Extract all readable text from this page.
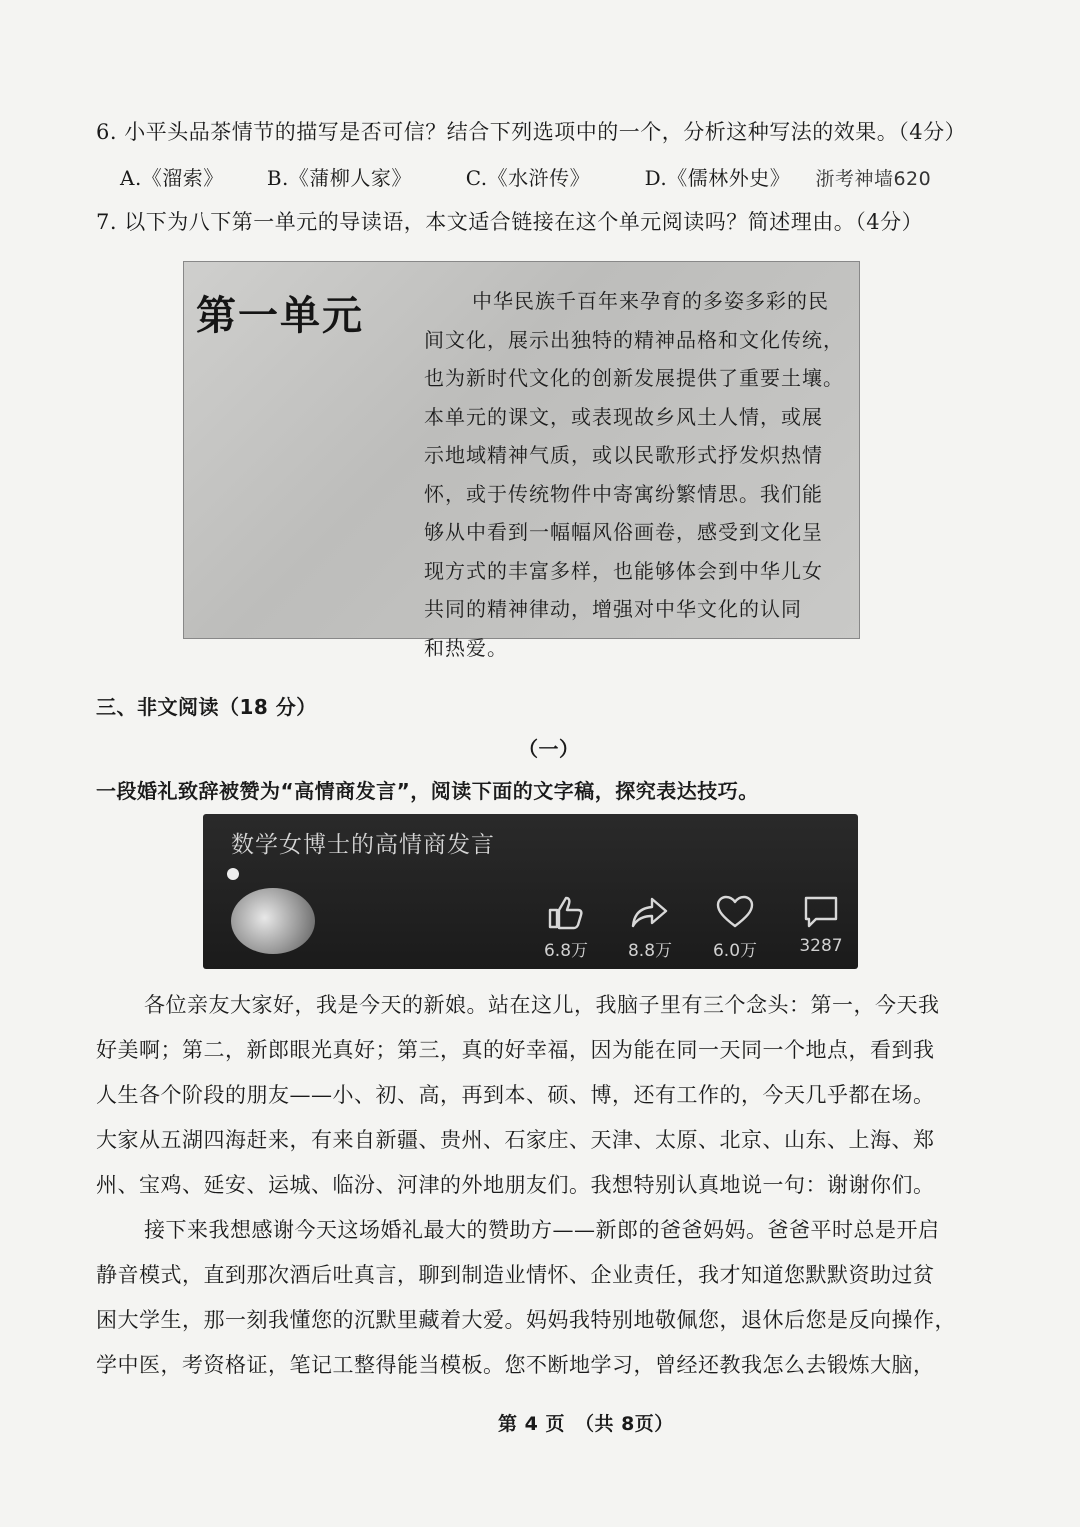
6. 小平头品茶情节的描写是否可信？结合下列选项中的一个，分析这种写法的效果。（4分）
A.《溜索》 B.《蒲柳人家》	C.《水浒传》	D.《儒林外史》 浙考神墙620
7. 以下为八下第一单元的导读语，本文适合链接在这个单元阅读吗？简述理由。（4分）
第一单元	中华民族千百年来孕育的多姿多彩的民
间文化，展示出独特的精神品格和文化传统，
也为新时代文化的创新发展提供了重要土壤。
本单元的课文，或表现故乡风土人情，或展
示地域精神气质，或以民歌形式抒发炽热情
怀，或于传统物件中寄寓纷繁情思。我们能
够从中看到一幅幅风俗画卷，感受到文化呈
现方式的丰富多样，也能够体会到中华儿女
共同的精神律动，增强对中华文化的认同
和热爱。
三、非文阅读（18 分）
（一）
一段婚礼致辞被赞为“高情商发言”，阅读下面的文字稿，探究表达技巧。
数学女博士的高情商发言
6.8万	8.8万	6.0万	3287
各位亲友大家好，我是今天的新娘。站在这儿，我脑子里有三个念头：第一，今天我
好美啊；第二，新郎眼光真好；第三，真的好幸福，因为能在同一天同一个地点，看到我
人生各个阶段的朋友——小、初、高，再到本、硕、博，还有工作的，今天几乎都在场。
大家从五湖四海赶来，有来自新疆、贵州、石家庄、天津、太原、北京、山东、上海、郑
州、宝鸡、延安、运城、临汾、河津的外地朋友们。我想特别认真地说一句：谢谢你们。
接下来我想感谢今天这场婚礼最大的赞助方——新郎的爸爸妈妈。爸爸平时总是开启
静音模式，直到那次酒后吐真言，聊到制造业情怀、企业责任，我才知道您默默资助过贫
困大学生，那一刻我懂您的沉默里藏着大爱。妈妈我特别地敬佩您，退休后您是反向操作，
学中医，考资格证，笔记工整得能当模板。您不断地学习，曾经还教我怎么去锻炼大脑，
第 4 页　（共 8页）
